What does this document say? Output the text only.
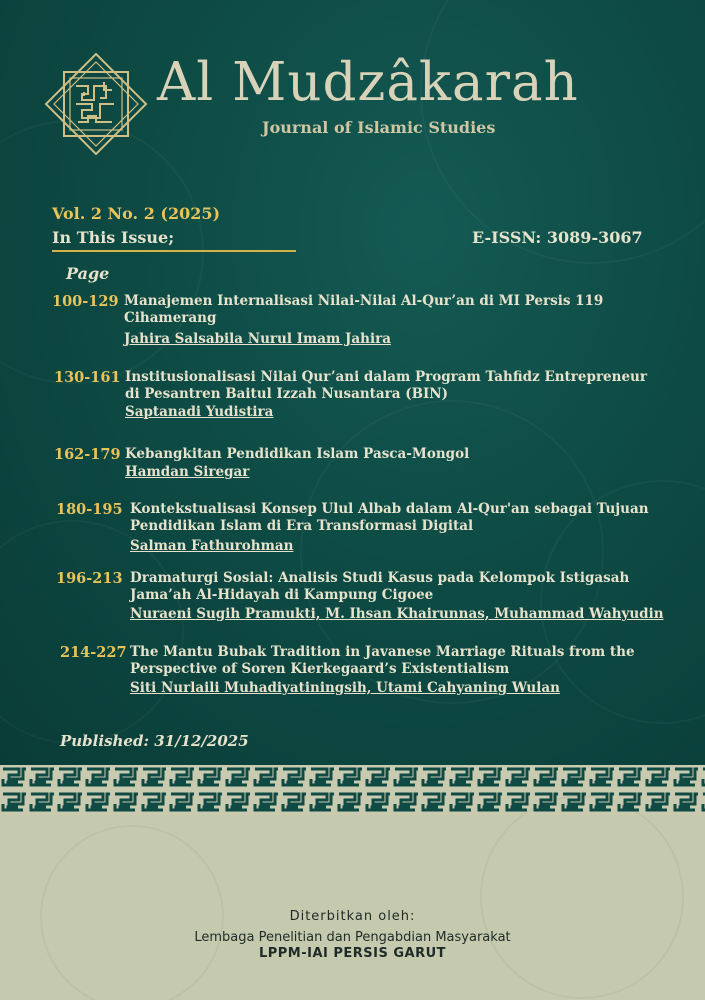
Al Mudzâkarah
Journal of Islamic Studies
Vol. 2 No. 2 (2025)
In This Issue;	E-ISSN: 3089-3067
Page
100-129 Manajemen Internalisasi Nilai-Nilai Al-Qur’an di MI Persis 119 Cihamerang
Jahira Salsabila Nurul Imam Jahira
130-161 Institusionalisasi Nilai Qur’ani dalam Program Tahfidz Entrepreneur di Pesantren Baitul Izzah Nusantara (BIN)
Saptanadi Yudistira
162-179 Kebangkitan Pendidikan Islam Pasca-Mongol
Hamdan Siregar
180-195 Kontekstualisasi Konsep Ulul Albab dalam Al-Qur'an sebagai Tujuan Pendidikan Islam di Era Transformasi Digital
Salman Fathurohman
196-213 Dramaturgi Sosial: Analisis Studi Kasus pada Kelompok Istigasah Jama’ah Al-Hidayah di Kampung Cigoee
Nuraeni Sugih Pramukti, M. Ihsan Khairunnas, Muhammad Wahyudin
214-227 The Mantu Bubak Tradition in Javanese Marriage Rituals from the Perspective of Soren Kierkegaard’s Existentialism
Siti Nurlaili Muhadiyatiningsih, Utami Cahyaning Wulan
Published: 31/12/2025
Diterbitkan oleh:
Lembaga Penelitian dan Pengabdian Masyarakat
LPPM-IAI PERSIS GARUT
